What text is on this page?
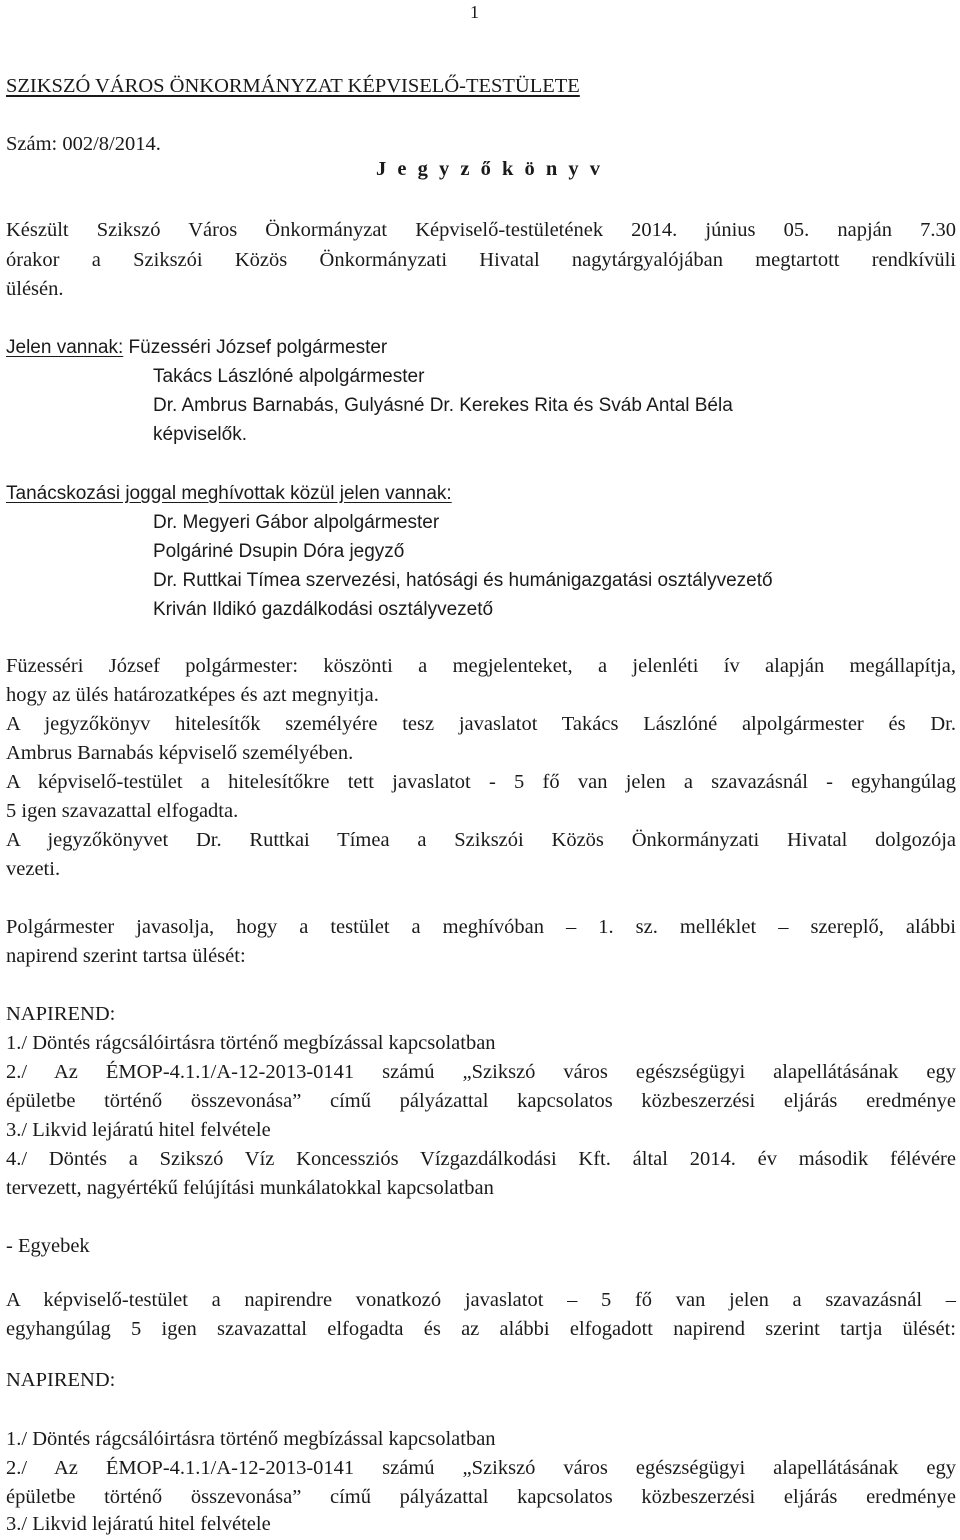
1
SZIKSZÓ VÁROS ÖNKORMÁNYZAT KÉPVISELŐ-TESTÜLETE
Szám: 002/8/2014.
J e g y z ő k ö n y v
Készült Szikszó Város Önkormányzat Képviselő-testületének 2014. június 05. napján 7.30
órakor a Szikszói Közös Önkormányzati Hivatal nagytárgyalójában megtartott rendkívüli
ülésén.
Jelen vannak: Füzesséri József polgármester
Takács Lászlóné alpolgármester
Dr. Ambrus Barnabás, Gulyásné Dr. Kerekes Rita és Sváb Antal Béla
képviselők.
Tanácskozási joggal meghívottak közül jelen vannak:
Dr. Megyeri Gábor alpolgármester
Polgáriné Dsupin Dóra jegyző
Dr. Ruttkai Tímea szervezési, hatósági és humánigazgatási osztályvezető
Kriván Ildikó gazdálkodási osztályvezető
Füzesséri József polgármester: köszönti a megjelenteket, a jelenléti ív alapján megállapítja,
hogy az ülés határozatképes és azt megnyitja.
A jegyzőkönyv hitelesítők személyére tesz javaslatot Takács Lászlóné alpolgármester és Dr.
Ambrus Barnabás képviselő személyében.
A képviselő-testület a hitelesítőkre tett javaslatot - 5 fő van jelen a szavazásnál - egyhangúlag
5 igen szavazattal elfogadta.
A jegyzőkönyvet Dr. Ruttkai Tímea a Szikszói Közös Önkormányzati Hivatal dolgozója
vezeti.
Polgármester javasolja, hogy a testület a meghívóban – 1. sz. melléklet – szereplő, alábbi
napirend szerint tartsa ülését:
NAPIREND:
1./ Döntés rágcsálóirtásra történő megbízással kapcsolatban
2./ Az ÉMOP-4.1.1/A-12-2013-0141 számú „Szikszó város egészségügyi alapellátásának egy
épületbe történő összevonása” című pályázattal kapcsolatos közbeszerzési eljárás eredménye
3./ Likvid lejáratú hitel felvétele
4./ Döntés a Szikszó Víz Koncessziós Vízgazdálkodási Kft. által 2014. év második félévére
tervezett, nagyértékű felújítási munkálatokkal kapcsolatban
- Egyebek
A képviselő-testület a napirendre vonatkozó javaslatot – 5 fő van jelen a szavazásnál –
egyhangúlag 5 igen szavazattal elfogadta és az alábbi elfogadott napirend szerint tartja ülését:
NAPIREND:
1./ Döntés rágcsálóirtásra történő megbízással kapcsolatban
2./ Az ÉMOP-4.1.1/A-12-2013-0141 számú „Szikszó város egészségügyi alapellátásának egy
épületbe történő összevonása” című pályázattal kapcsolatos közbeszerzési eljárás eredménye
3./ Likvid lejáratú hitel felvétele
